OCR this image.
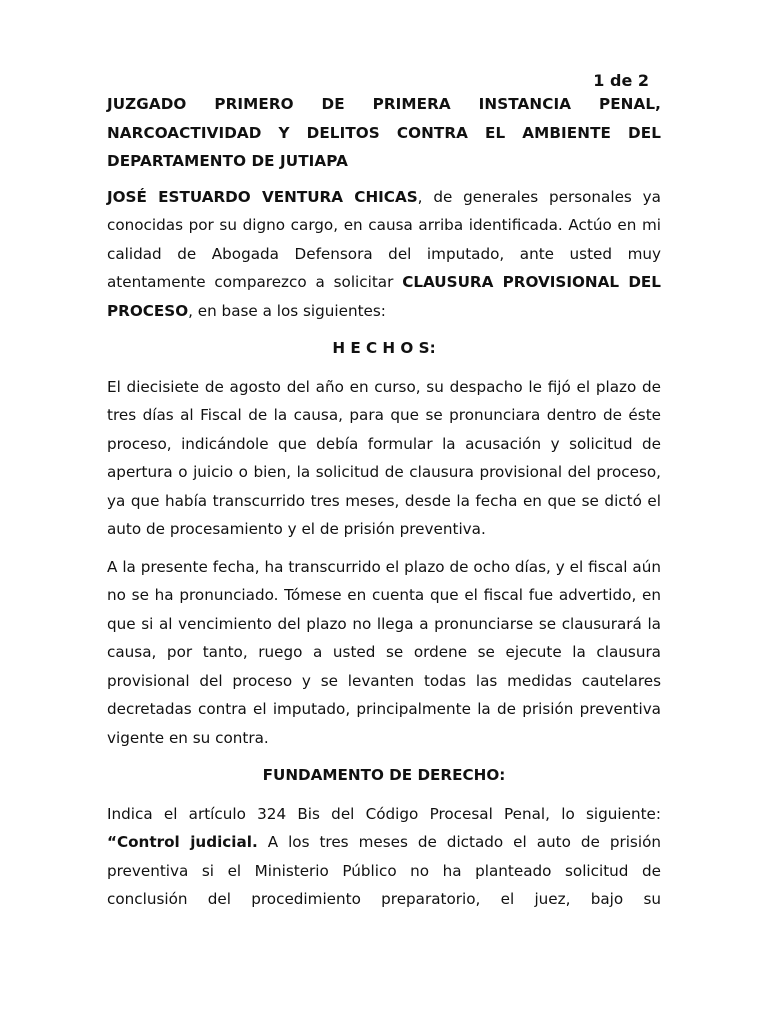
1 de 2
JUZGADO PRIMERO DE PRIMERA INSTANCIA PENAL, NARCOACTIVIDAD Y DELITOS CONTRA EL AMBIENTE DEL DEPARTAMENTO DE JUTIAPA

JOSÉ ESTUARDO VENTURA CHICAS, de generales personales ya conocidas por su digno cargo, en causa arriba identificada. Actúo en mi calidad de Abogada Defensora del imputado, ante usted muy atentamente comparezco a solicitar CLAUSURA PROVISIONAL DEL PROCESO, en base a los siguientes:

H E C H O S:

El diecisiete de agosto del año en curso, su despacho le fijó el plazo de tres días al Fiscal de la causa, para que se pronunciara dentro de éste proceso, indicándole que debía formular la acusación y solicitud de apertura o juicio o bien, la solicitud de clausura provisional del proceso, ya que había transcurrido tres meses, desde la fecha en que se dictó el auto de procesamiento y el de prisión preventiva.

A la presente fecha, ha transcurrido el plazo de ocho días, y el fiscal aún no se ha pronunciado. Tómese en cuenta que el fiscal fue advertido, en que si al vencimiento del plazo no llega a pronunciarse se clausurará la causa, por tanto, ruego a usted se ordene se ejecute la clausura provisional del proceso y se levanten todas las medidas cautelares decretadas contra el imputado, principalmente la de prisión preventiva vigente en su contra.

FUNDAMENTO DE DERECHO:

Indica el artículo 324 Bis del Código Procesal Penal, lo siguiente: “Control judicial. A los tres meses de dictado el auto de prisión preventiva si el Ministerio Público no ha planteado solicitud de conclusión del procedimiento preparatorio, el juez, bajo su
